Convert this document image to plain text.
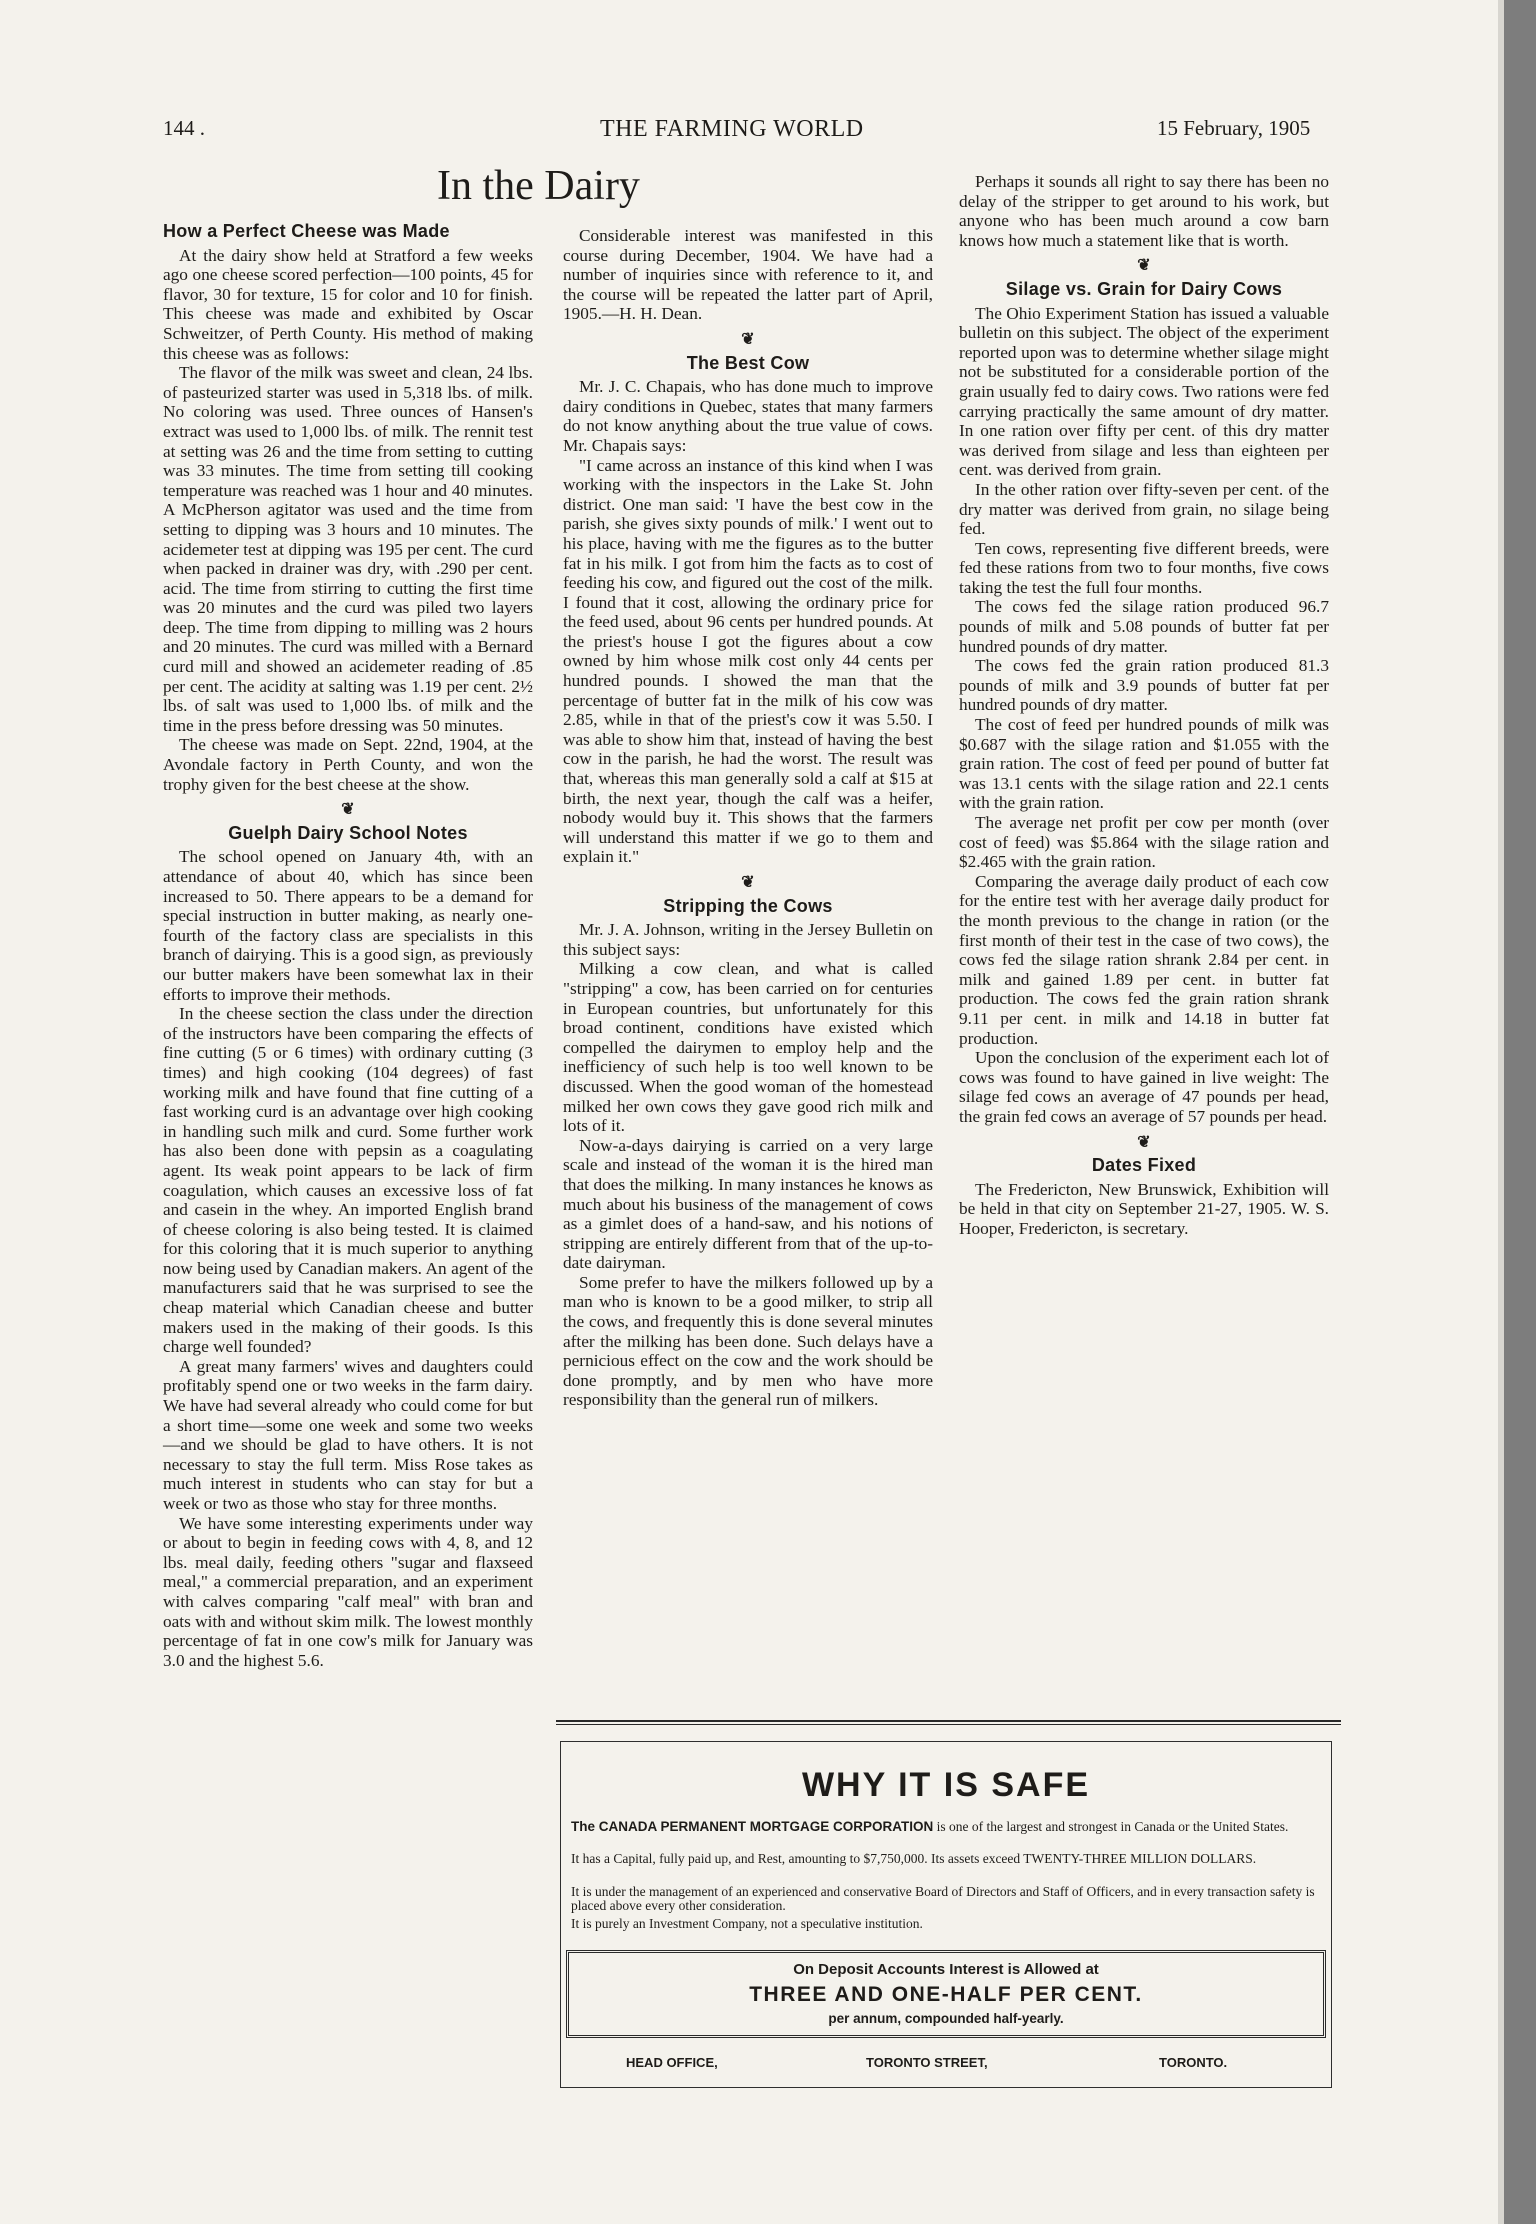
144 .	THE FARMING WORLD	15 February, 1905
In the Dairy
How a Perfect Cheese was Made

At the dairy show held at Stratford a few weeks ago one cheese scored perfection—100 points, 45 for flavor, 30 for texture, 15 for color and 10 for finish. This cheese was made and exhibited by Oscar Schweitzer, of Perth County. His method of making this cheese was as follows:

The flavor of the milk was sweet and clean, 24 lbs. of pasteurized starter was used in 5,318 lbs. of milk. No coloring was used. Three ounces of Hansen's extract was used to 1,000 lbs. of milk. The rennit test at setting was 26 and the time from setting to cutting was 33 minutes. The time from setting till cooking temperature was reached was 1 hour and 40 minutes. A McPherson agitator was used and the time from setting to dipping was 3 hours and 10 minutes. The acidemeter test at dipping was 195 per cent. The curd when packed in drainer was dry, with .290 per cent. acid. The time from stirring to cutting the first time was 20 minutes and the curd was piled two layers deep. The time from dipping to milling was 2 hours and 20 minutes. The curd was milled with a Bernard curd mill and showed an acidemeter reading of .85 per cent. The acidity at salting was 1.19 per cent. 2½ lbs. of salt was used to 1,000 lbs. of milk and the time in the press before dressing was 50 minutes.

The cheese was made on Sept. 22nd, 1904, at the Avondale factory in Perth County, and won the trophy given for the best cheese at the show.

❦
Guelph Dairy School Notes

The school opened on January 4th, with an attendance of about 40, which has since been increased to 50. There appears to be a demand for special instruction in butter making, as nearly one-fourth of the factory class are specialists in this branch of dairying. This is a good sign, as previously our butter makers have been somewhat lax in their efforts to improve their methods.

In the cheese section the class under the direction of the instructors have been comparing the effects of fine cutting (5 or 6 times) with ordinary cutting (3 times) and high cooking (104 degrees) of fast working milk and have found that fine cutting of a fast working curd is an advantage over high cooking in handling such milk and curd. Some further work has also been done with pepsin as a coagulating agent. Its weak point appears to be lack of firm coagulation, which causes an excessive loss of fat and casein in the whey. An imported English brand of cheese coloring is also being tested. It is claimed for this coloring that it is much superior to anything now being used by Canadian makers. An agent of the manufacturers said that he was surprised to see the cheap material which Canadian cheese and butter makers used in the making of their goods. Is this charge well founded?

A great many farmers' wives and daughters could profitably spend one or two weeks in the farm dairy. We have had several already who could come for but a short time—some one week and some two weeks—and we should be glad to have others. It is not necessary to stay the full term. Miss Rose takes as much interest in students who can stay for but a week or two as those who stay for three months.

We have some interesting experiments under way or about to begin in feeding cows with 4, 8, and 12 lbs. meal daily, feeding others "sugar and flaxseed meal," a commercial preparation, and an experiment with calves comparing "calf meal" with bran and oats with and without skim milk. The lowest monthly percentage of fat in one cow's milk for January was 3.0 and the highest 5.6.

Considerable interest was manifested in this course during December, 1904. We have had a number of inquiries since with reference to it, and the course will be repeated the latter part of April, 1905.—H. H. Dean.

❦
The Best Cow

Mr. J. C. Chapais, who has done much to improve dairy conditions in Quebec, states that many farmers do not know anything about the true value of cows. Mr. Chapais says:

"I came across an instance of this kind when I was working with the inspectors in the Lake St. John district. One man said: 'I have the best cow in the parish, she gives sixty pounds of milk.' I went out to his place, having with me the figures as to the butter fat in his milk. I got from him the facts as to cost of feeding his cow, and figured out the cost of the milk. I found that it cost, allowing the ordinary price for the feed used, about 96 cents per hundred pounds. At the priest's house I got the figures about a cow owned by him whose milk cost only 44 cents per hundred pounds. I showed the man that the percentage of butter fat in the milk of his cow was 2.85, while in that of the priest's cow it was 5.50. I was able to show him that, instead of having the best cow in the parish, he had the worst. The result was that, whereas this man generally sold a calf at $15 at birth, the next year, though the calf was a heifer, nobody would buy it. This shows that the farmers will understand this matter if we go to them and explain it."

❦
Stripping the Cows

Mr. J. A. Johnson, writing in the Jersey Bulletin on this subject says:

Milking a cow clean, and what is called "stripping" a cow, has been carried on for centuries in European countries, but unfortunately for this broad continent, conditions have existed which compelled the dairymen to employ help and the inefficiency of such help is too well known to be discussed. When the good woman of the homestead milked her own cows they gave good rich milk and lots of it.

Now-a-days dairying is carried on a very large scale and instead of the woman it is the hired man that does the milking. In many instances he knows as much about his business of the management of cows as a gimlet does of a hand-saw, and his notions of stripping are entirely different from that of the up-to-date dairyman.

Some prefer to have the milkers followed up by a man who is known to be a good milker, to strip all the cows, and frequently this is done several minutes after the milking has been done. Such delays have a pernicious effect on the cow and the work should be done promptly, and by men who have more responsibility than the general run of milkers.

Perhaps it sounds all right to say there has been no delay of the stripper to get around to his work, but anyone who has been much around a cow barn knows how much a statement like that is worth.

❦
Silage vs. Grain for Dairy Cows

The Ohio Experiment Station has issued a valuable bulletin on this subject. The object of the experiment reported upon was to determine whether silage might not be substituted for a considerable portion of the grain usually fed to dairy cows. Two rations were fed carrying practically the same amount of dry matter. In one ration over fifty per cent. of this dry matter was derived from silage and less than eighteen per cent. was derived from grain.

In the other ration over fifty-seven per cent. of the dry matter was derived from grain, no silage being fed.

Ten cows, representing five different breeds, were fed these rations from two to four months, five cows taking the test the full four months.

The cows fed the silage ration produced 96.7 pounds of milk and 5.08 pounds of butter fat per hundred pounds of dry matter.

The cows fed the grain ration produced 81.3 pounds of milk and 3.9 pounds of butter fat per hundred pounds of dry matter.

The cost of feed per hundred pounds of milk was $0.687 with the silage ration and $1.055 with the grain ration. The cost of feed per pound of butter fat was 13.1 cents with the silage ration and 22.1 cents with the grain ration.

The average net profit per cow per month (over cost of feed) was $5.864 with the silage ration and $2.465 with the grain ration.

Comparing the average daily product of each cow for the entire test with her average daily product for the month previous to the change in ration (or the first month of their test in the case of two cows), the cows fed the silage ration shrank 2.84 per cent. in milk and gained 1.89 per cent. in butter fat production. The cows fed the grain ration shrank 9.11 per cent. in milk and 14.18 in butter fat production.

Upon the conclusion of the experiment each lot of cows was found to have gained in live weight: The silage fed cows an average of 47 pounds per head, the grain fed cows an average of 57 pounds per head.

❦
Dates Fixed

The Fredericton, New Brunswick, Exhibition will be held in that city on September 21-27, 1905. W. S. Hooper, Fredericton, is secretary.

WHY IT IS SAFE
The CANADA PERMANENT MORTGAGE CORPORATION is one of the largest and strongest in Canada or the United States.
It has a Capital, fully paid up, and Rest, amounting to $7,750,000. Its assets exceed TWENTY-THREE MILLION DOLLARS.
It is under the management of an experienced and conservative Board of Directors and Staff of Officers, and in every transaction safety is placed above every other consideration.
It is purely an Investment Company, not a speculative institution.
On Deposit Accounts Interest is Allowed at
THREE AND ONE-HALF PER CENT.
per annum, compounded half-yearly.
HEAD OFFICE,	TORONTO STREET,	TORONTO.
